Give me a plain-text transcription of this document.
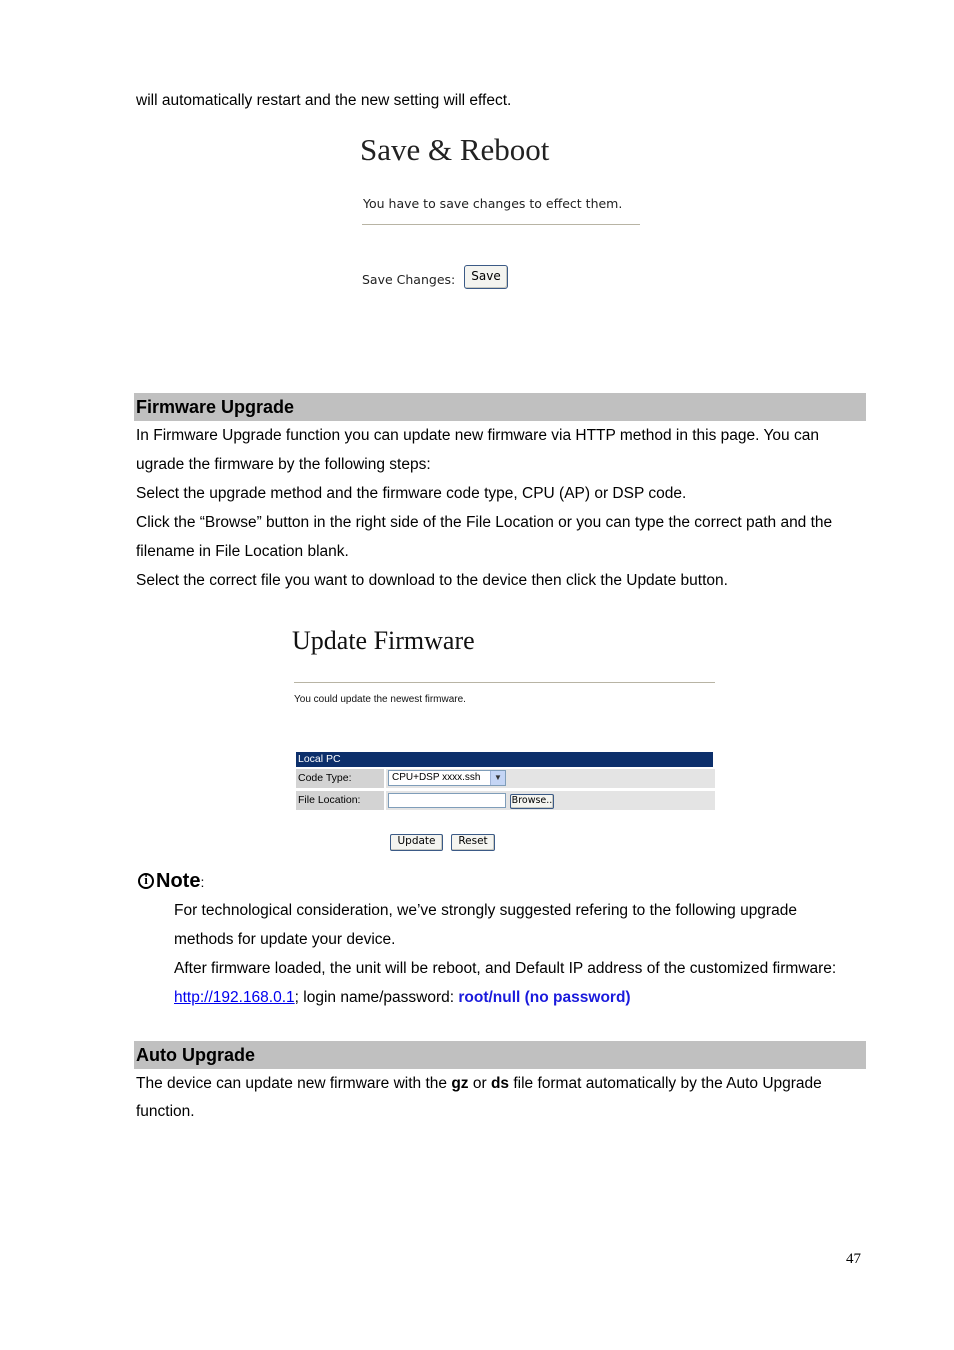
will automatically restart and the new setting will effect.
Save & Reboot
You have to save changes to effect them.
Save Changes:	Save
Firmware Upgrade
In Firmware Upgrade function you can update new firmware via HTTP method in this page. You can
ugrade the firmware by the following steps:
Select the upgrade method and the firmware code type, CPU (AP) or DSP code.
Click the “Browse” button in the right side of the File Location or you can type the correct path and the
filename in File Location blank.
Select the correct file you want to download to the device then click the Update button.
Update Firmware
You could update the newest firmware.
Local PC
Code Type:	CPU+DSP xxxx.ssh	▼
File Location:	Browse..
Update	Reset
iNote:
For technological consideration, we’ve strongly suggested refering to the following upgrade
methods for update your device.
After firmware loaded, the unit will be reboot, and Default IP address of the customized firmware:
http://192.168.0.1; login name/password: root/null (no password)
Auto Upgrade
The device can update new firmware with the gz or ds file format automatically by the Auto Upgrade
function.
47
